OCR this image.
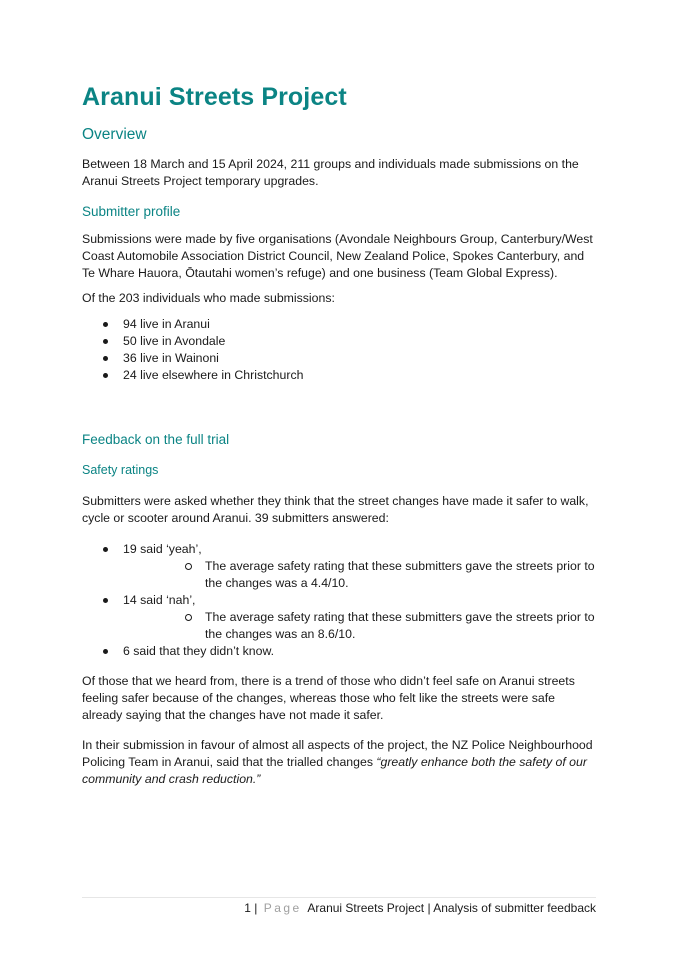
Aranui Streets Project
Overview

Between 18 March and 15 April 2024, 211 groups and individuals made submissions on the Aranui Streets Project temporary upgrades.

Submitter profile

Submissions were made by five organisations (Avondale Neighbours Group, Canterbury/West Coast Automobile Association District Council, New Zealand Police, Spokes Canterbury, and Te Whare Hauora, Ōtautahi women’s refuge) and one business (Team Global Express).

Of the 203 individuals who made submissions:

94 live in Aranui
50 live in Avondale
36 live in Wainoni
24 live elsewhere in Christchurch
Feedback on the full trial
Safety ratings

Submitters were asked whether they think that the street changes have made it safer to walk, cycle or scooter around Aranui. 39 submitters answered:

19 said ‘yeah’,
The average safety rating that these submitters gave the streets prior to the changes was a 4.4/10.
14 said ‘nah’,
The average safety rating that these submitters gave the streets prior to the changes was an 8.6/10.
6 said that they didn’t know.

Of those that we heard from, there is a trend of those who didn’t feel safe on Aranui streets feeling safer because of the changes, whereas those who felt like the streets were safe already saying that the changes have not made it safer.

In their submission in favour of almost all aspects of the project, the NZ Police Neighbourhood Policing Team in Aranui, said that the trialled changes “greatly enhance both the safety of our community and crash reduction.”

1 | Page Aranui Streets Project | Analysis of submitter feedback
